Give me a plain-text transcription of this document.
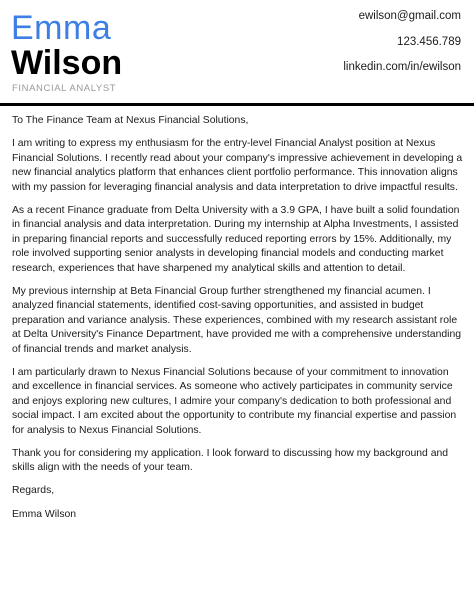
Emma
Wilson
FINANCIAL ANALYST
ewilson@gmail.com
123.456.789
linkedin.com/in/ewilson

To The Finance Team at Nexus Financial Solutions,

I am writing to express my enthusiasm for the entry-level Financial Analyst position at Nexus Financial Solutions. I recently read about your company's impressive achievement in developing a new financial analytics platform that enhances client portfolio performance. This innovation aligns with my passion for leveraging financial analysis and data interpretation to drive impactful results.

As a recent Finance graduate from Delta University with a 3.9 GPA, I have built a solid foundation in financial analysis and data interpretation. During my internship at Alpha Investments, I assisted in preparing financial reports and successfully reduced reporting errors by 15%. Additionally, my role involved supporting senior analysts in developing financial models and conducting market research, experiences that have sharpened my analytical skills and attention to detail.

My previous internship at Beta Financial Group further strengthened my financial acumen. I analyzed financial statements, identified cost-saving opportunities, and assisted in budget preparation and variance analysis. These experiences, combined with my research assistant role at Delta University's Finance Department, have provided me with a comprehensive understanding of financial trends and market analysis.

I am particularly drawn to Nexus Financial Solutions because of your commitment to innovation and excellence in financial services. As someone who actively participates in community service and enjoys exploring new cultures, I admire your company's dedication to both professional and social impact. I am excited about the opportunity to contribute my financial expertise and passion for analysis to Nexus Financial Solutions.

Thank you for considering my application. I look forward to discussing how my background and skills align with the needs of your team.

Regards,

Emma Wilson
